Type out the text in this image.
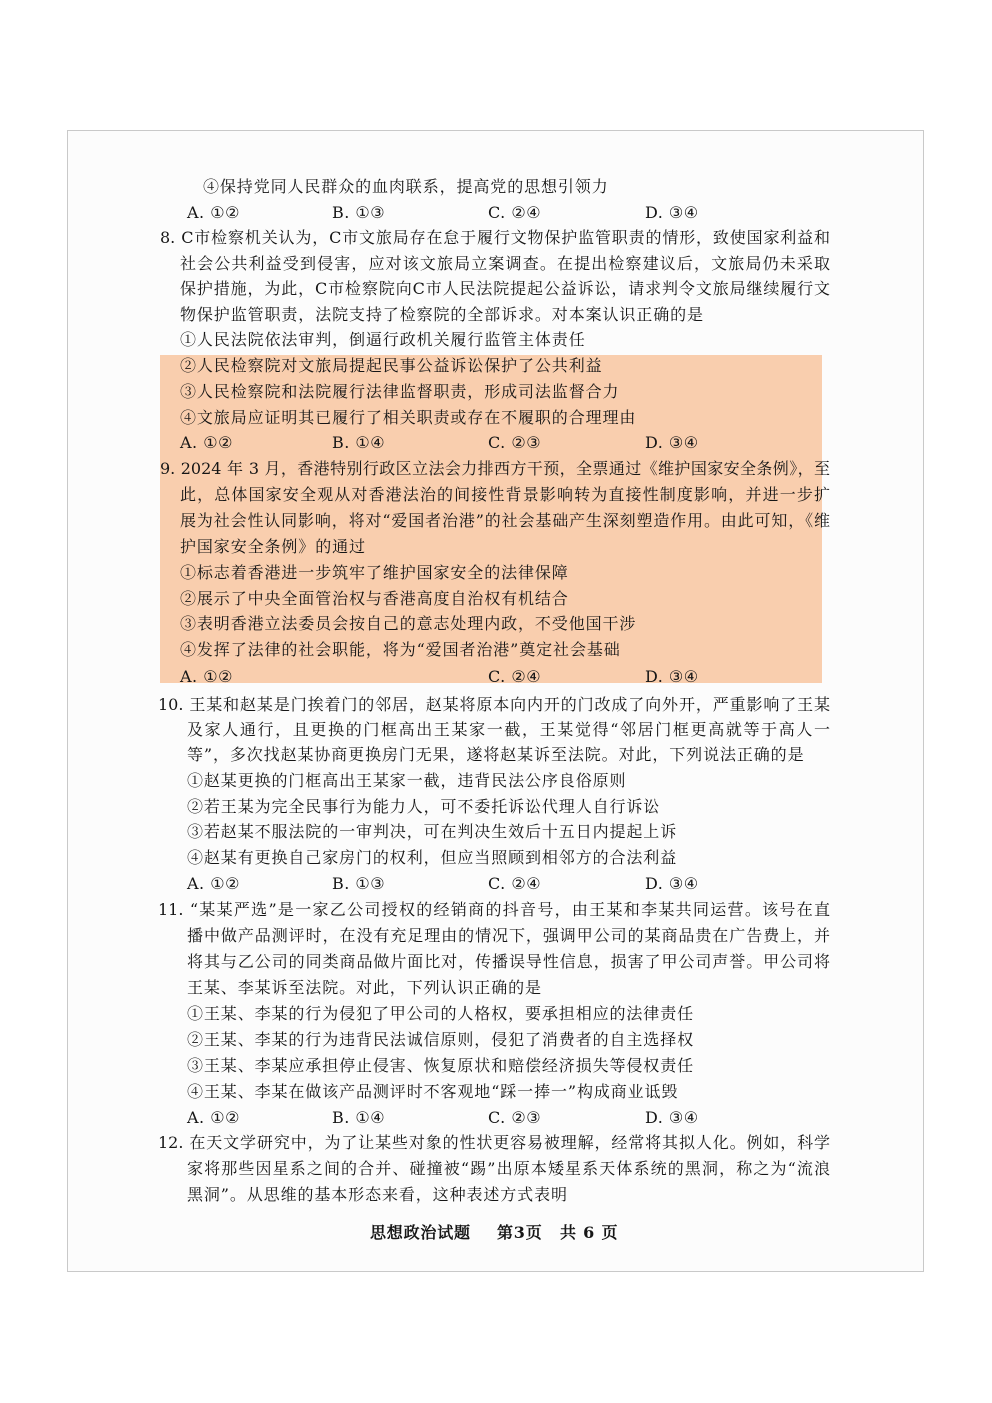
④保持党同人民群众的血肉联系，提高党的思想引领力
A. ①②	B. ①③	C. ②④	D. ③④
8. C市检察机关认为，C市文旅局存在怠于履行文物保护监管职责的情形，致使国家利益和
社会公共利益受到侵害，应对该文旅局立案调查。在提出检察建议后，文旅局仍未采取
保护措施，为此，C市检察院向C市人民法院提起公益诉讼，请求判令文旅局继续履行文
物保护监管职责，法院支持了检察院的全部诉求。对本案认识正确的是
①人民法院依法审判，倒逼行政机关履行监管主体责任
②人民检察院对文旅局提起民事公益诉讼保护了公共利益
③人民检察院和法院履行法律监督职责，形成司法监督合力
④文旅局应证明其已履行了相关职责或存在不履职的合理理由
A. ①②	B. ①④	C. ②③	D. ③④
9. 2024 年 3 月，香港特别行政区立法会力排西方干预，全票通过《维护国家安全条例》，至
此，总体国家安全观从对香港法治的间接性背景影响转为直接性制度影响，并进一步扩
展为社会性认同影响，将对“爱国者治港”的社会基础产生深刻塑造作用。由此可知，《维
护国家安全条例》的通过
①标志着香港进一步筑牢了维护国家安全的法律保障
②展示了中央全面管治权与香港高度自治权有机结合
③表明香港立法委员会按自己的意志处理内政，不受他国干涉
④发挥了法律的社会职能，将为“爱国者治港”奠定社会基础
A. ①②	C. ②④	D. ③④
10. 王某和赵某是门挨着门的邻居，赵某将原本向内开的门改成了向外开，严重影响了王某
及家人通行，且更换的门框高出王某家一截，王某觉得“邻居门框更高就等于高人一
等”，多次找赵某协商更换房门无果，遂将赵某诉至法院。对此，下列说法正确的是
①赵某更换的门框高出王某家一截，违背民法公序良俗原则
②若王某为完全民事行为能力人，可不委托诉讼代理人自行诉讼
③若赵某不服法院的一审判决，可在判决生效后十五日内提起上诉
④赵某有更换自己家房门的权利，但应当照顾到相邻方的合法利益
A. ①②	B. ①③	C. ②④	D. ③④
11. “某某严选”是一家乙公司授权的经销商的抖音号，由王某和李某共同运营。该号在直
播中做产品测评时，在没有充足理由的情况下，强调甲公司的某商品贵在广告费上，并
将其与乙公司的同类商品做片面比对，传播误导性信息，损害了甲公司声誉。甲公司将
王某、李某诉至法院。对此，下列认识正确的是
①王某、李某的行为侵犯了甲公司的人格权，要承担相应的法律责任
②王某、李某的行为违背民法诚信原则，侵犯了消费者的自主选择权
③王某、李某应承担停止侵害、恢复原状和赔偿经济损失等侵权责任
④王某、李某在做该产品测评时不客观地“踩一捧一”构成商业诋毁
A. ①②	B. ①④	C. ②③	D. ③④
12. 在天文学研究中，为了让某些对象的性状更容易被理解，经常将其拟人化。例如，科学
家将那些因星系之间的合并、碰撞被“踢”出原本矮星系天体系统的黑洞，称之为“流浪
黑洞”。从思维的基本形态来看，这种表述方式表明
思想政治试题 第3页 共 6 页
